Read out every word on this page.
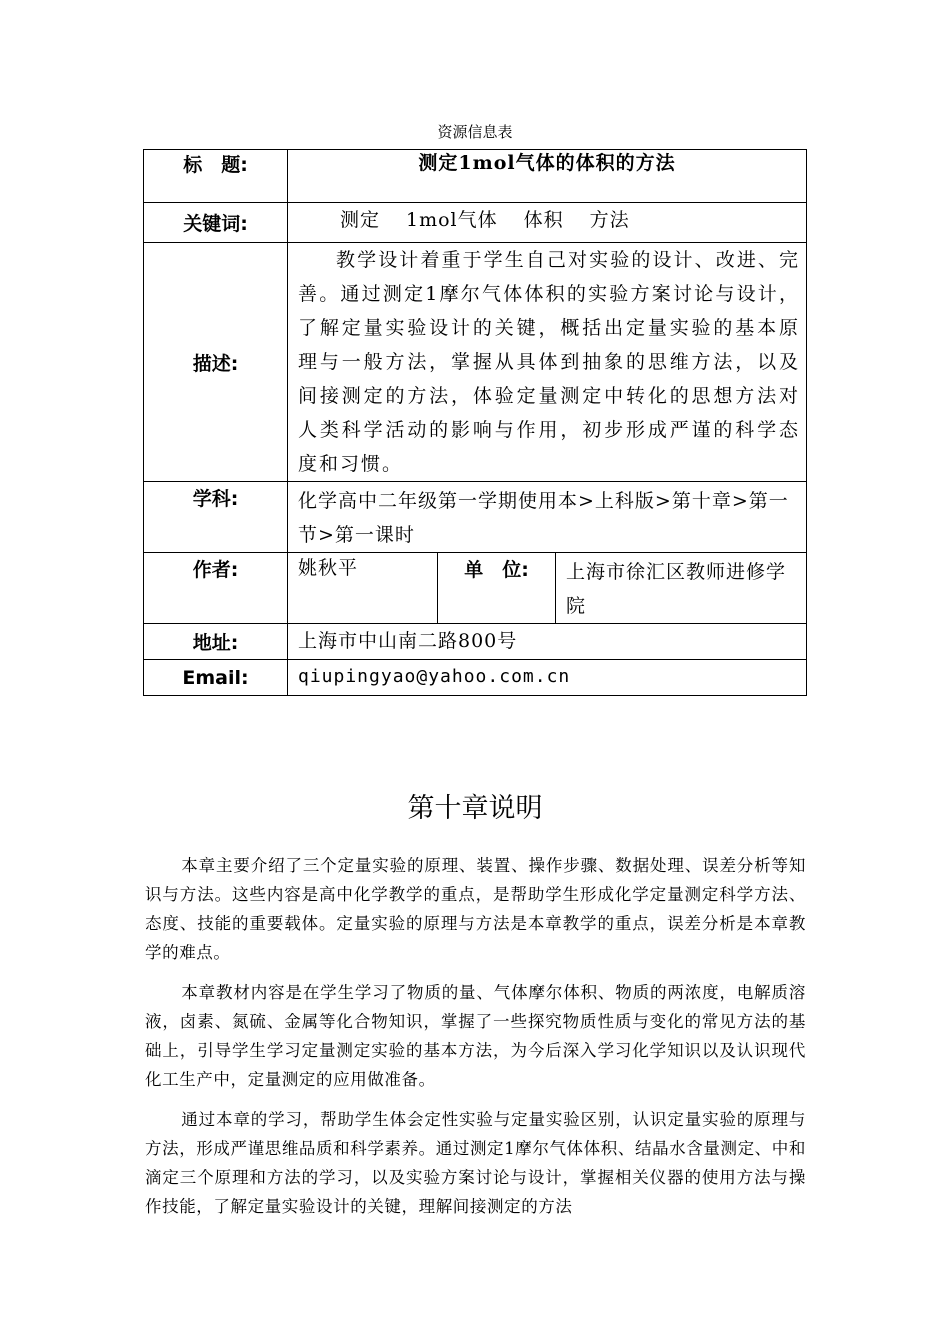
资源信息表
标　题:	测定1mol气体的体积的方法		
关键词:	测定 1mol气体 体积 方法		
描述:	教学设计着重于学生自己对实验的设计、改进、完善。通过测定1摩尔气体体积的实验方案讨论与设计，了解定量实验设计的关键，概括出定量实验的基本原理与一般方法，掌握从具体到抽象的思维方法，以及间接测定的方法，体验定量测定中转化的思想方法对人类科学活动的影响与作用，初步形成严谨的科学态度和习惯。		
学科:	化学高中二年级第一学期使用本>上科版>第十章>第一节>第一课时		
作者:	姚秋平	单　位:	上海市徐汇区教师进修学院
地址:	上海市中山南二路800号		
Email:	qiupingyao@yahoo.com.cn		
第十章说明

本章主要介绍了三个定量实验的原理、装置、操作步骤、数据处理、误差分析等知识与方法。这些内容是高中化学教学的重点，是帮助学生形成化学定量测定科学方法、态度、技能的重要载体。定量实验的原理与方法是本章教学的重点，误差分析是本章教学的难点。

本章教材内容是在学生学习了物质的量、气体摩尔体积、物质的两浓度，电解质溶液，卤素、氮硫、金属等化合物知识，掌握了一些探究物质性质与变化的常见方法的基础上，引导学生学习定量测定实验的基本方法，为今后深入学习化学知识以及认识现代化工生产中，定量测定的应用做准备。

通过本章的学习，帮助学生体会定性实验与定量实验区别，认识定量实验的原理与方法，形成严谨思维品质和科学素养。通过测定1摩尔气体体积、结晶水含量测定、中和滴定三个原理和方法的学习，以及实验方案讨论与设计，掌握相关仪器的使用方法与操作技能，了解定量实验设计的关键，理解间接测定的方法
